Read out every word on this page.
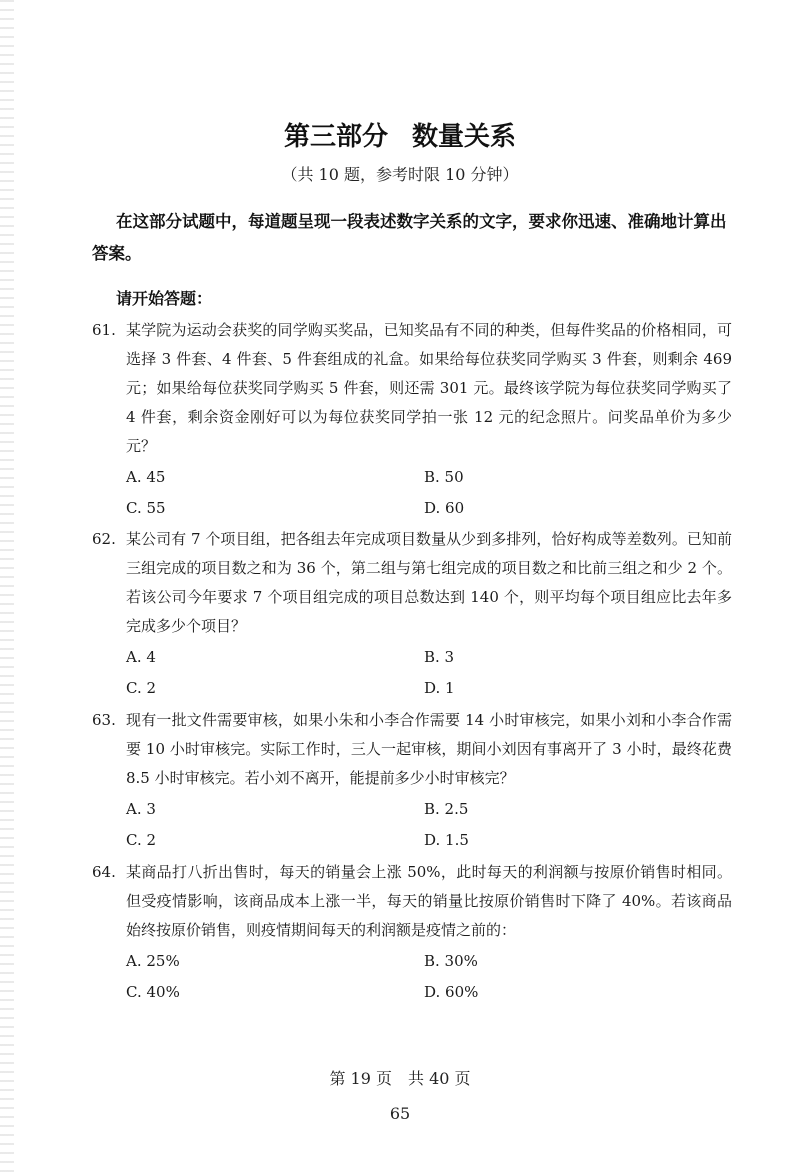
第三部分 数量关系
（共 10 题，参考时限 10 分钟）
在这部分试题中，每道题呈现一段表述数字关系的文字，要求你迅速、准确地计算出答案。
请开始答题：
61. 某学院为运动会获奖的同学购买奖品，已知奖品有不同的种类，但每件奖品的价格相同，可选择 3 件套、4 件套、5 件套组成的礼盒。如果给每位获奖同学购买 3 件套，则剩余 469 元；如果给每位获奖同学购买 5 件套，则还需 301 元。最终该学院为每位获奖同学购买了 4 件套，剩余资金刚好可以为每位获奖同学拍一张 12 元的纪念照片。问奖品单价为多少元？
A. 45	B. 50
C. 55	D. 60
62. 某公司有 7 个项目组，把各组去年完成项目数量从少到多排列，恰好构成等差数列。已知前三组完成的项目数之和为 36 个，第二组与第七组完成的项目数之和比前三组之和少 2 个。若该公司今年要求 7 个项目组完成的项目总数达到 140 个，则平均每个项目组应比去年多完成多少个项目？
A. 4	B. 3
C. 2	D. 1
63. 现有一批文件需要审核，如果小朱和小李合作需要 14 小时审核完，如果小刘和小李合作需要 10 小时审核完。实际工作时，三人一起审核，期间小刘因有事离开了 3 小时，最终花费 8.5 小时审核完。若小刘不离开，能提前多少小时审核完？
A. 3	B. 2.5
C. 2	D. 1.5
64. 某商品打八折出售时，每天的销量会上涨 50%，此时每天的利润额与按原价销售时相同。但受疫情影响，该商品成本上涨一半，每天的销量比按原价销售时下降了 40%。若该商品始终按原价销售，则疫情期间每天的利润额是疫情之前的：
A. 25%	B. 30%
C. 40%	D. 60%
第 19 页　共 40 页
65
